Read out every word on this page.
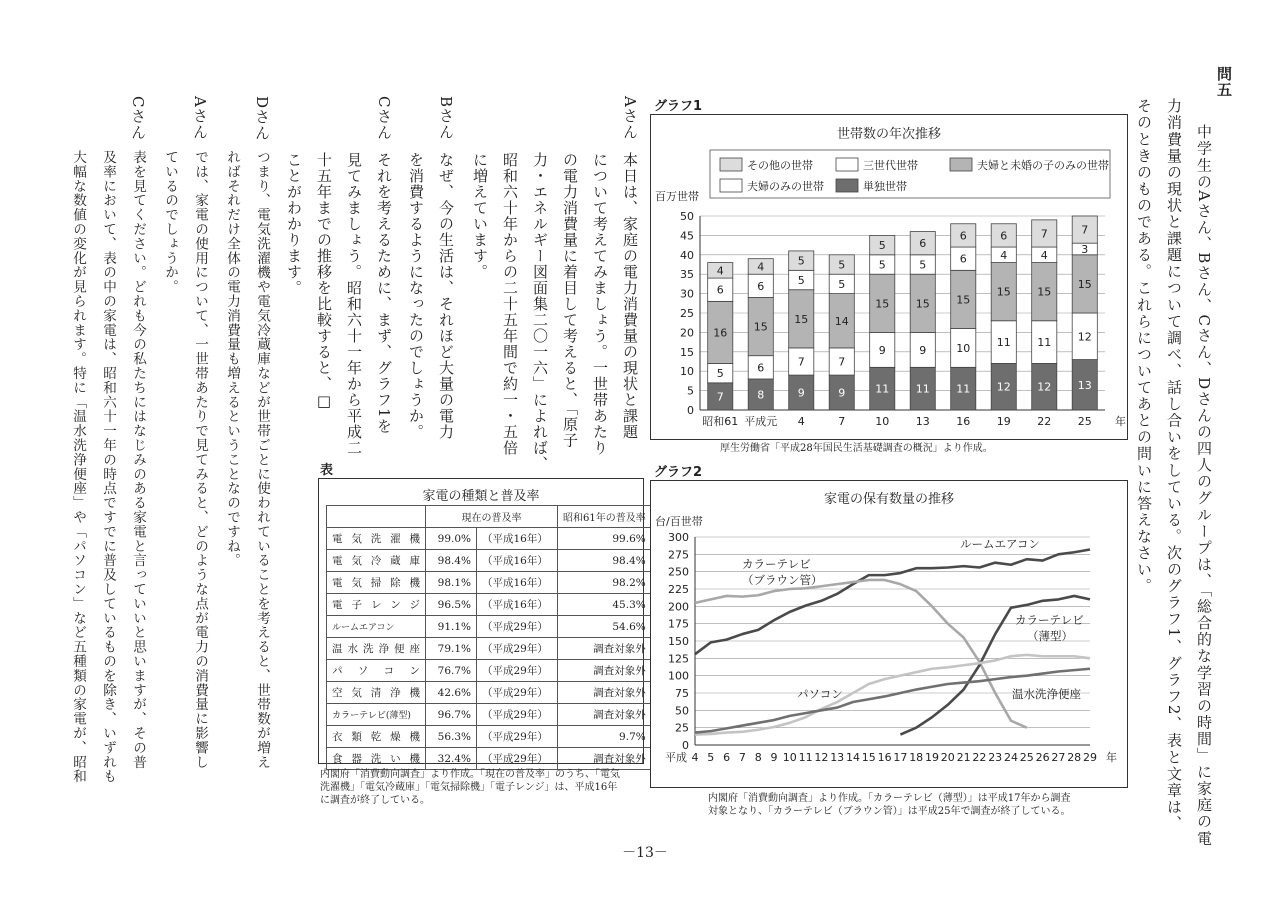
問五
中学生のAさん、Bさん、Cさん、Dさんの四人のグループは、「総合的な学習の時間」に家庭の電
力消費量の現状と課題について調べ、話し合いをしている。次のグラフ1、グラフ2、表と文章は、
そのときのものである。これらについてあとの問いに答えなさい。
Aさん
本日は、家庭の電力消費量の現状と課題
について考えてみましょう。一世帯あたり
の電力消費量に着目して考えると、「原子
力・エネルギー図面集二〇一六」によれば、
昭和六十年からの二十五年間で約一・五倍
に増えています。
Bさん
なぜ、今の生活は、それほど大量の電力
を消費するようになったのでしょうか。
Cさん
それを考えるために、まず、グラフ1を
見てみましょう。昭和六十一年から平成二
十五年までの推移を比較すると、□
ことがわかります。
Dさん
つまり、電気洗濯機や電気冷蔵庫などが世帯ごとに使われていることを考えると、世帯数が増え
ればそれだけ全体の電力消費量も増えるということなのですね。
Aさん
では、家電の使用について、一世帯あたりで見てみると、どのような点が電力の消費量に影響し
ているのでしょうか。
Cさん
表を見てください。どれも今の私たちにはなじみのある家電と言っていいと思いますが、その普
及率において、表の中の家電は、昭和六十一年の時点ですでに普及しているものを除き、いずれも
大幅な数値の変化が見られます。特に「温水洗浄便座」や「パソコン」など五種類の家電が、昭和
グラフ1
世帯数の年次推移
百万世帯
0
5
10
15
20
25
30
35
40
45
50
7
5
16
6
4
昭和61
8
6
15
6
4
平成元
9
7
15
5
5
4
9
7
14
5
5
7
11
9
15
5
5
10
11
9
15
5
6
13
11
10
15
6
6
16
12
11
15
4
6
19
12
11
15
4
7
22
13
12
15
3
7
25 年
その他の世帯	三世代世帯	夫婦と未婚の子のみの世帯
夫婦のみの世帯	単独世帯
厚生労働省「平成28年国民生活基礎調査の概況」より作成。
表
家電の種類と普及率
	現在の普及率		昭和61年の普及率
電気洗濯機	99.0%	（平成16年）	99.6%
電気冷蔵庫	98.4%	（平成16年）	98.4%
電気掃除機	98.1%	（平成16年）	98.2%
電子レンジ	96.5%	（平成16年）	45.3%
ルームエアコン	91.1%	（平成29年）	54.6%
温水洗浄便座	79.1%	（平成29年）	調査対象外
パソコン	76.7%	（平成29年）	調査対象外
空気清浄機	42.6%	（平成29年）	調査対象外
カラーテレビ(薄型)	96.7%	（平成29年）	調査対象外
衣類乾燥機	56.3%	（平成29年）	9.7%
食器洗い機	32.4%	（平成29年）	調査対象外
内閣府「消費動向調査」より作成。「現在の普及率」のうち、「電気
洗濯機」「電気冷蔵庫」「電気掃除機」「電子レンジ」は、平成16年
に調査が終了している。
グラフ2
家電の保有数量の推移
台/百世帯
0
25
50
75
100
125
150
175
200
225
250
275
300
平成 4 5 6 7 8 9 10 11 12 13 14 15 16 17 18 19 20 21 22 23 24 25 26 27 28 29 年
ルームエアコン
カラーテレビ
（ブラウン管）
カラーテレビ
（薄型）
パソコン	温水洗浄便座
内閣府「消費動向調査」より作成。「カラーテレビ（薄型）」は平成17年から調査
対象となり、「カラーテレビ（ブラウン管）」は平成25年で調査が終了している。
－13－
